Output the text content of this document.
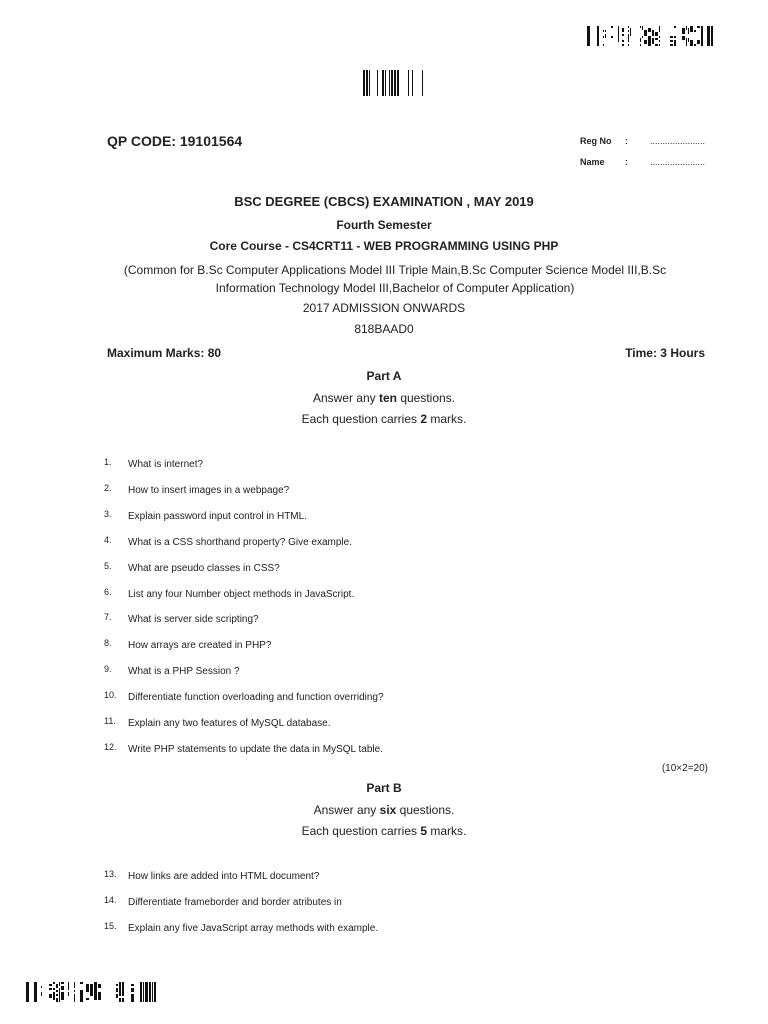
QP CODE: 19101564	Reg No : ......................
Name : ......................
BSC DEGREE (CBCS) EXAMINATION , MAY 2019
Fourth Semester
Core Course - CS4CRT11 - WEB PROGRAMMING USING PHP
(Common for B.Sc Computer Applications Model III Triple Main,B.Sc Computer Science Model III,B.Sc Information Technology Model III,Bachelor of Computer Application)
2017 ADMISSION ONWARDS
818BAAD0
Maximum Marks: 80	Time: 3 Hours
Part A
Answer any ten questions.
Each question carries 2 marks.
1. What is internet?
2. How to insert images in a webpage?
3. Explain password input control in HTML.
4. What is a CSS shorthand property? Give example.
5. What are pseudo classes in CSS?
6. List any four Number object methods in JavaScript.
7. What is server side scripting?
8. How arrays are created in PHP?
9. What is a PHP Session ?
10. Differentiate function overloading and function overriding?
11. Explain any two features of MySQL database.
12. Write PHP statements to update the data in MySQL table.
(10×2=20)
Part B
Answer any six questions.
Each question carries 5 marks.
13. How links are added into HTML document?
14. Differentiate frameborder and border atributes in
15. Explain any five JavaScript array methods with example.
